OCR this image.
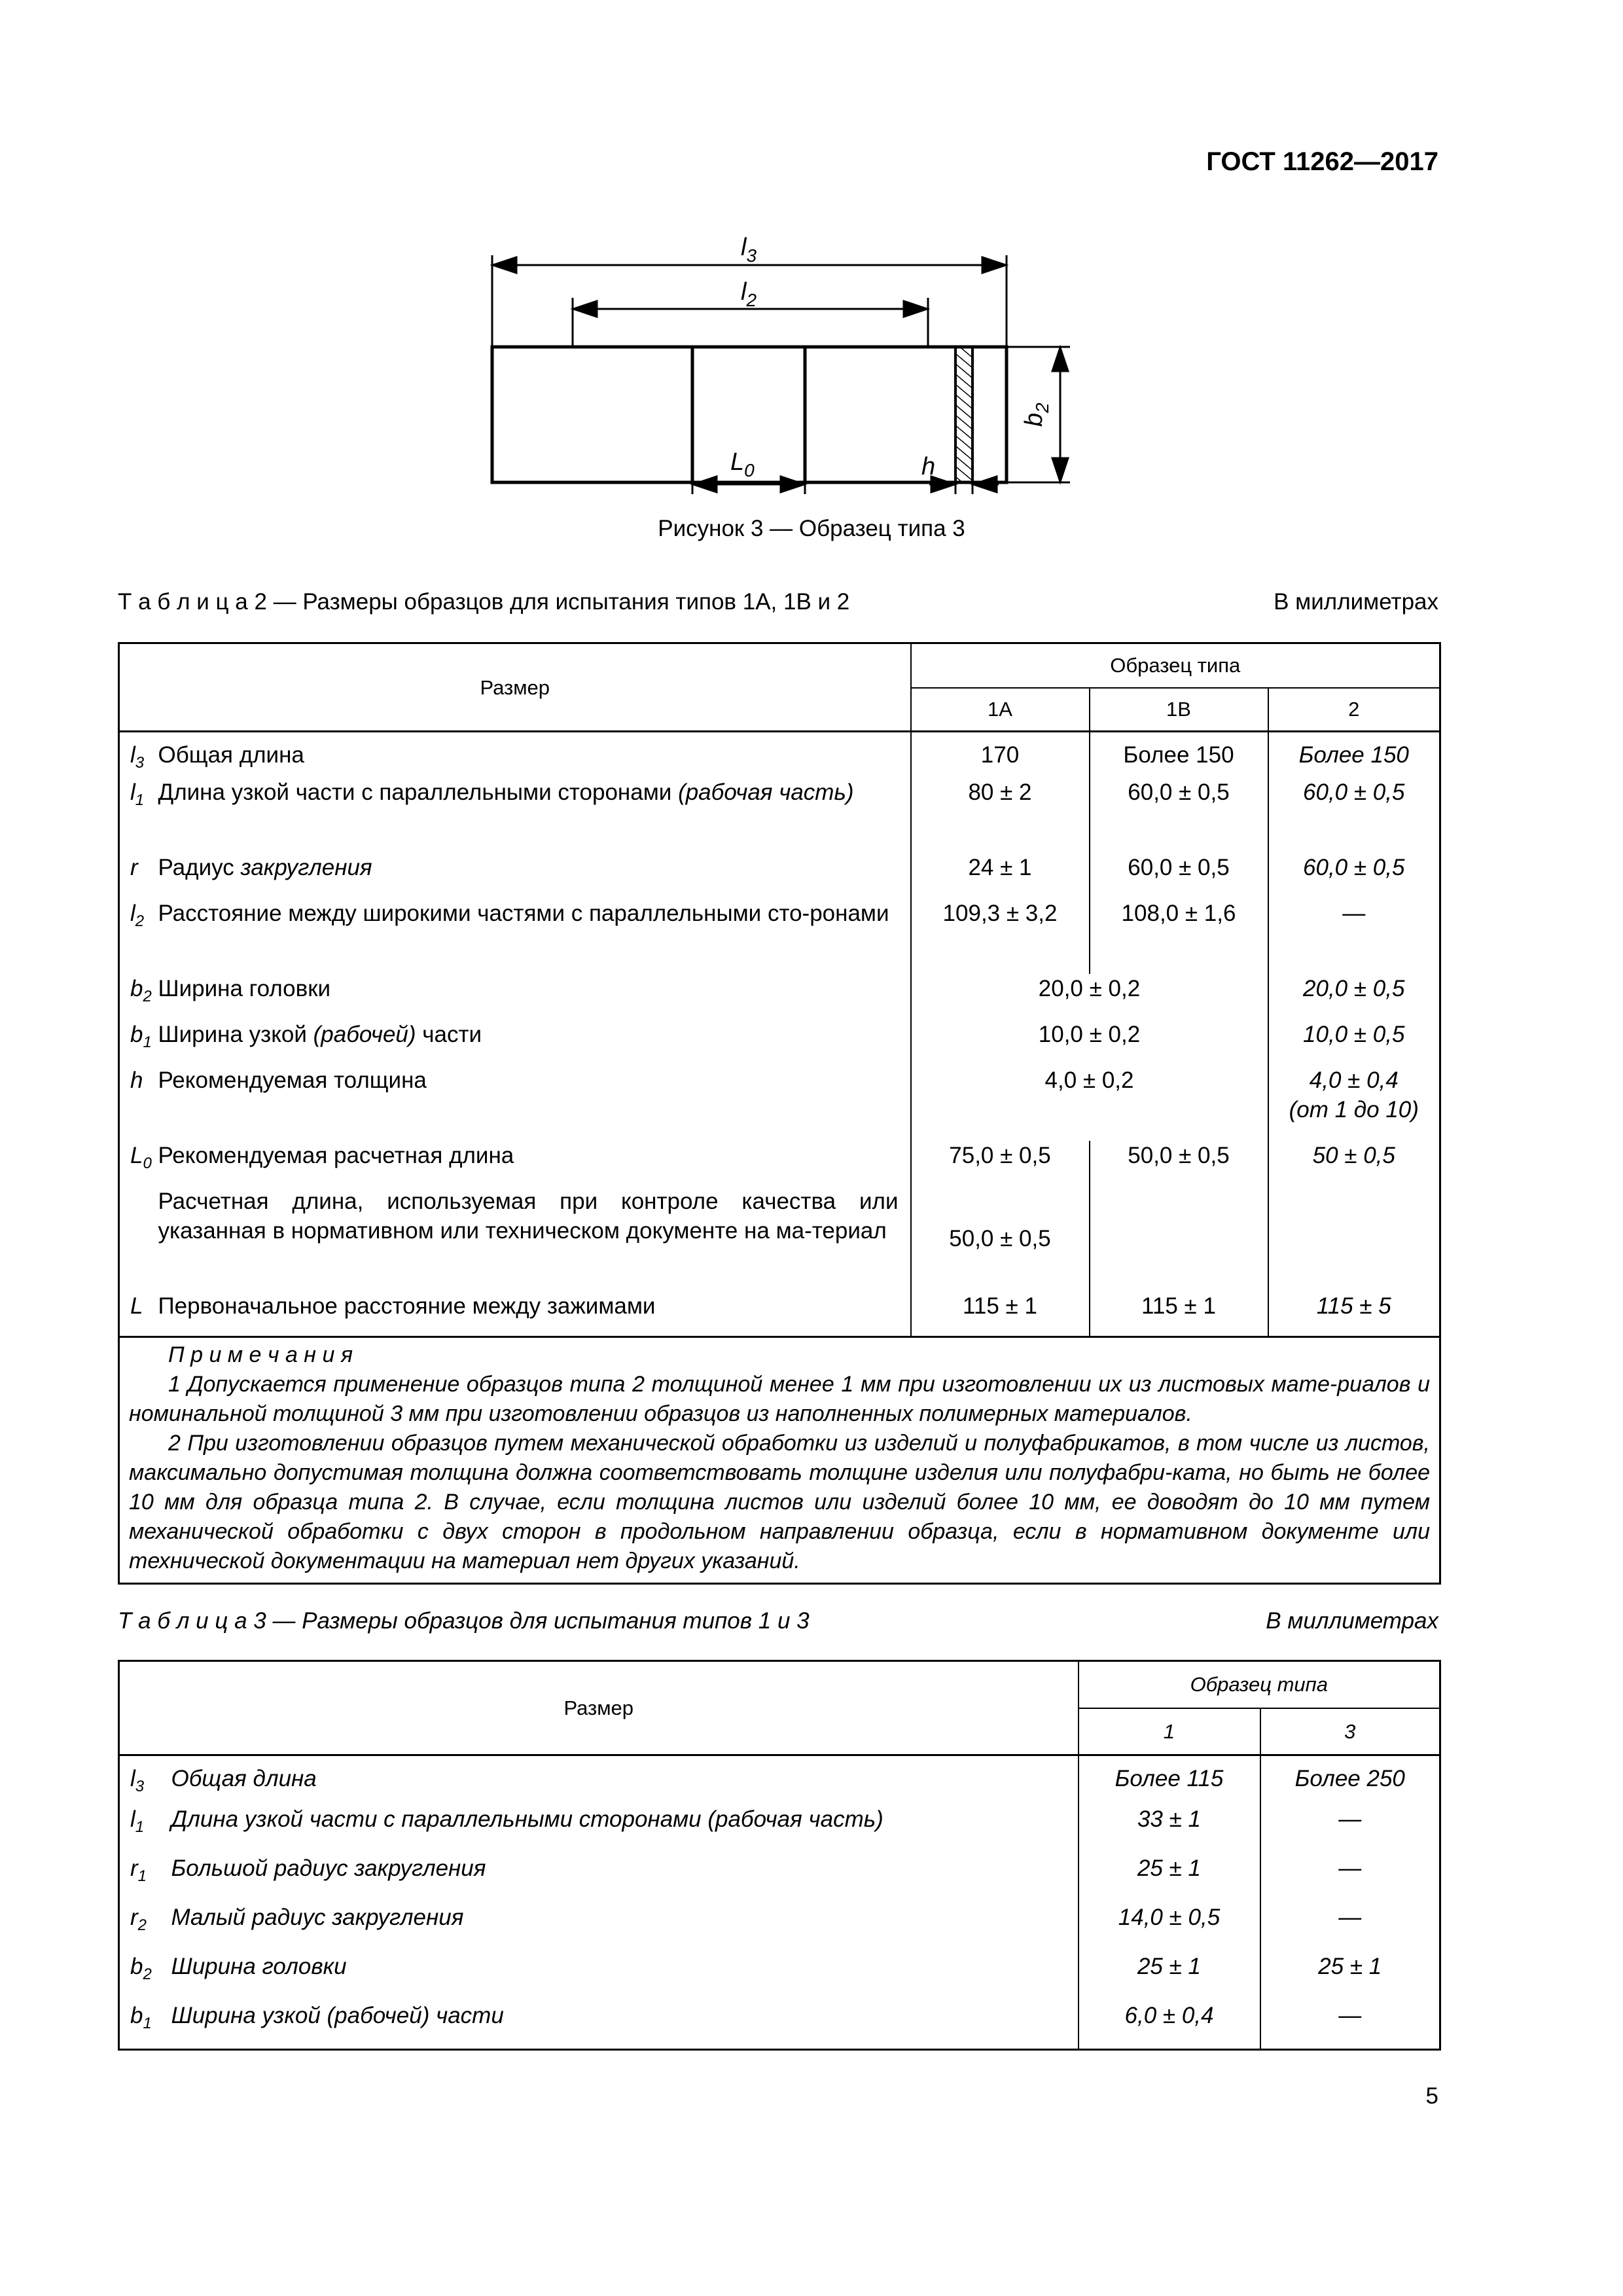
ГОСТ 11262—2017
$l_3$
$l_2$
$L_0$	h
$b_2$
Рисунок 3 — Образец типа 3
Т а б л и ц а 2 — Размеры образцов для испытания типов 1А, 1В и 2	В миллиметрах
Размер		Образец типа		
		1А	1В	2
$l_3$	Общая длина	170	Более 150	Более 150
$l_1$	Длина узкой части с параллельными сторонами (рабочая часть)	80 ± 2	60,0 ± 0,5	60,0 ± 0,5
r	Радиус закругления	24 ± 1	60,0 ± 0,5	60,0 ± 0,5
$l_2$	Расстояние между широкими частями с параллельными сто-ронами	109,3 ± 3,2	108,0 ± 1,6	—
$b_2$	Ширина головки	20,0 ± 0,2		20,0 ± 0,5
$b_1$	Ширина узкой (рабочей) части	10,0 ± 0,2		10,0 ± 0,5
h	Рекомендуемая толщина	4,0 ± 0,2		4,0 ± 0,4
(от 1 до 10)

$L_0$	Рекомендуемая расчетная длина	75,0 ± 0,5	50,0 ± 0,5	50 ± 0,5
	Расчетная длина, используемая при контроле качества или указанная в нормативном или техническом документе на ма-териал	50,0 ± 0,5		
L	Первоначальное расстояние между зажимами	115 ± 1	115 ± 1	115 ± 5

П р и м е ч а н и я
1 Допускается применение образцов типа 2 толщиной менее 1 мм при изготовлении их из листовых мате-риалов и номинальной толщиной 3 мм при изготовлении образцов из наполненных полимерных материалов.
2 При изготовлении образцов путем механической обработки из изделий и полуфабрикатов, в том числе из листов, максимально допустимая толщина должна соответствовать толщине изделия или полуфабри-ката, но быть не более 10 мм для образца типа 2. В случае, если толщина листов или изделий более 10 мм, ее доводят до 10 мм путем механической обработки с двух сторон в продольном направлении образца, если в нормативном документе или технической документации на материал нет других указаний.				
Т а б л и ц а 3 — Размеры образцов для испытания типов 1 и 3	В миллиметрах
Размер		Образец типа	
		1	3
$l_3$	Общая длина	Более 115	Более 250
$l_1$	Длина узкой части с параллельными сторонами (рабочая часть)	33 ± 1	—
$r_1$	Большой радиус закругления	25 ± 1	—
$r_2$	Малый радиус закругления	14,0 ± 0,5	—
$b_2$	Ширина головки	25 ± 1	25 ± 1
$b_1$	Ширина узкой (рабочей) части	6,0 ± 0,4	—
5
